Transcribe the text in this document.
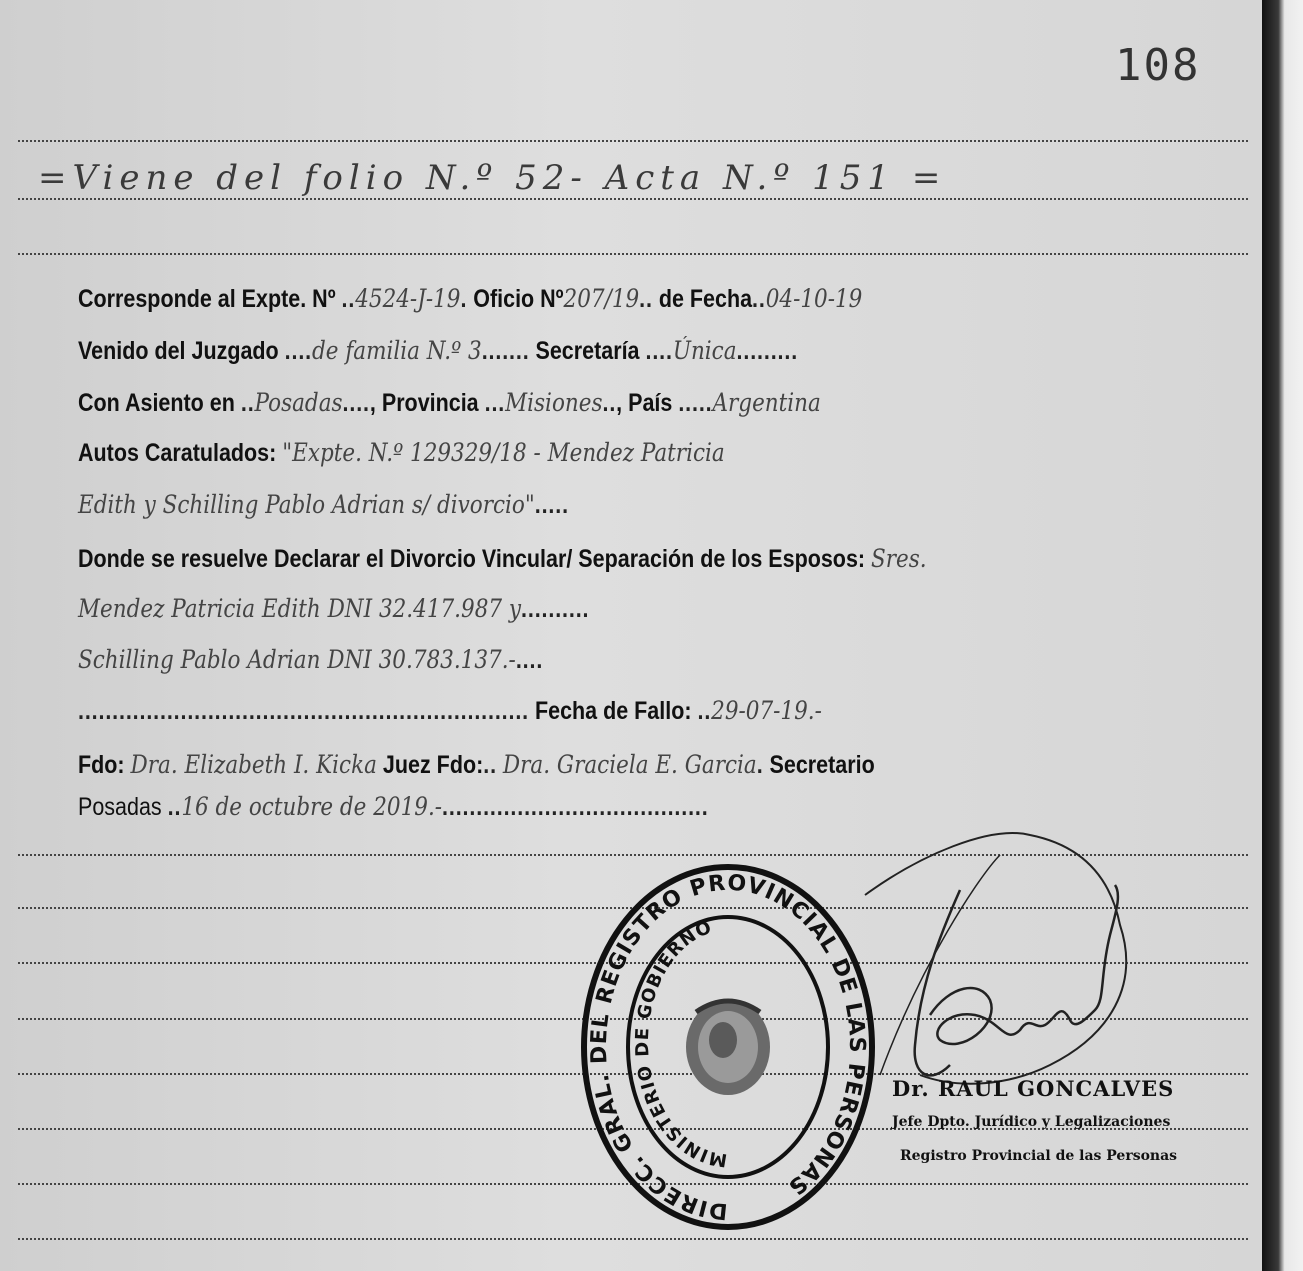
108
=Viene del folio N.º 52- Acta N.º 151 =
Corresponde al Expte. Nº ..4524-J-19. Oficio Nº207/19.. de Fecha..04-10-19
Venido del Juzgado ....de familia N.º 3....... Secretaría ....Única.........
Con Asiento en ..Posadas...., Provincia ...Misiones.., País .....Argentina
Autos Caratulados: "Expte. N.º 129329/18 - Mendez Patricia
Edith y Schilling Pablo Adrian s/ divorcio".....
Donde se resuelve Declarar el Divorcio Vincular/ Separación de los Esposos: Sres.
Mendez Patricia Edith DNI 32.417.987 y..........
Schilling Pablo Adrian DNI 30.783.137.-....
.................................................................. Fecha de Fallo: ..29-07-19.-
Fdo: Dra. Elizabeth I. Kicka Juez Fdo:.. Dra. Graciela E. Garcia. Secretario
Posadas ..16 de octubre de 2019.-.......................................
DIRECC. GRAL. DEL REGISTRO PROVINCIAL DE LAS PERSONAS
MINISTERIO DE GOBIERNO
Dr. RAUL GONCALVES
Jefe Dpto. Jurídico y Legalizaciones
Registro Provincial de las Personas
